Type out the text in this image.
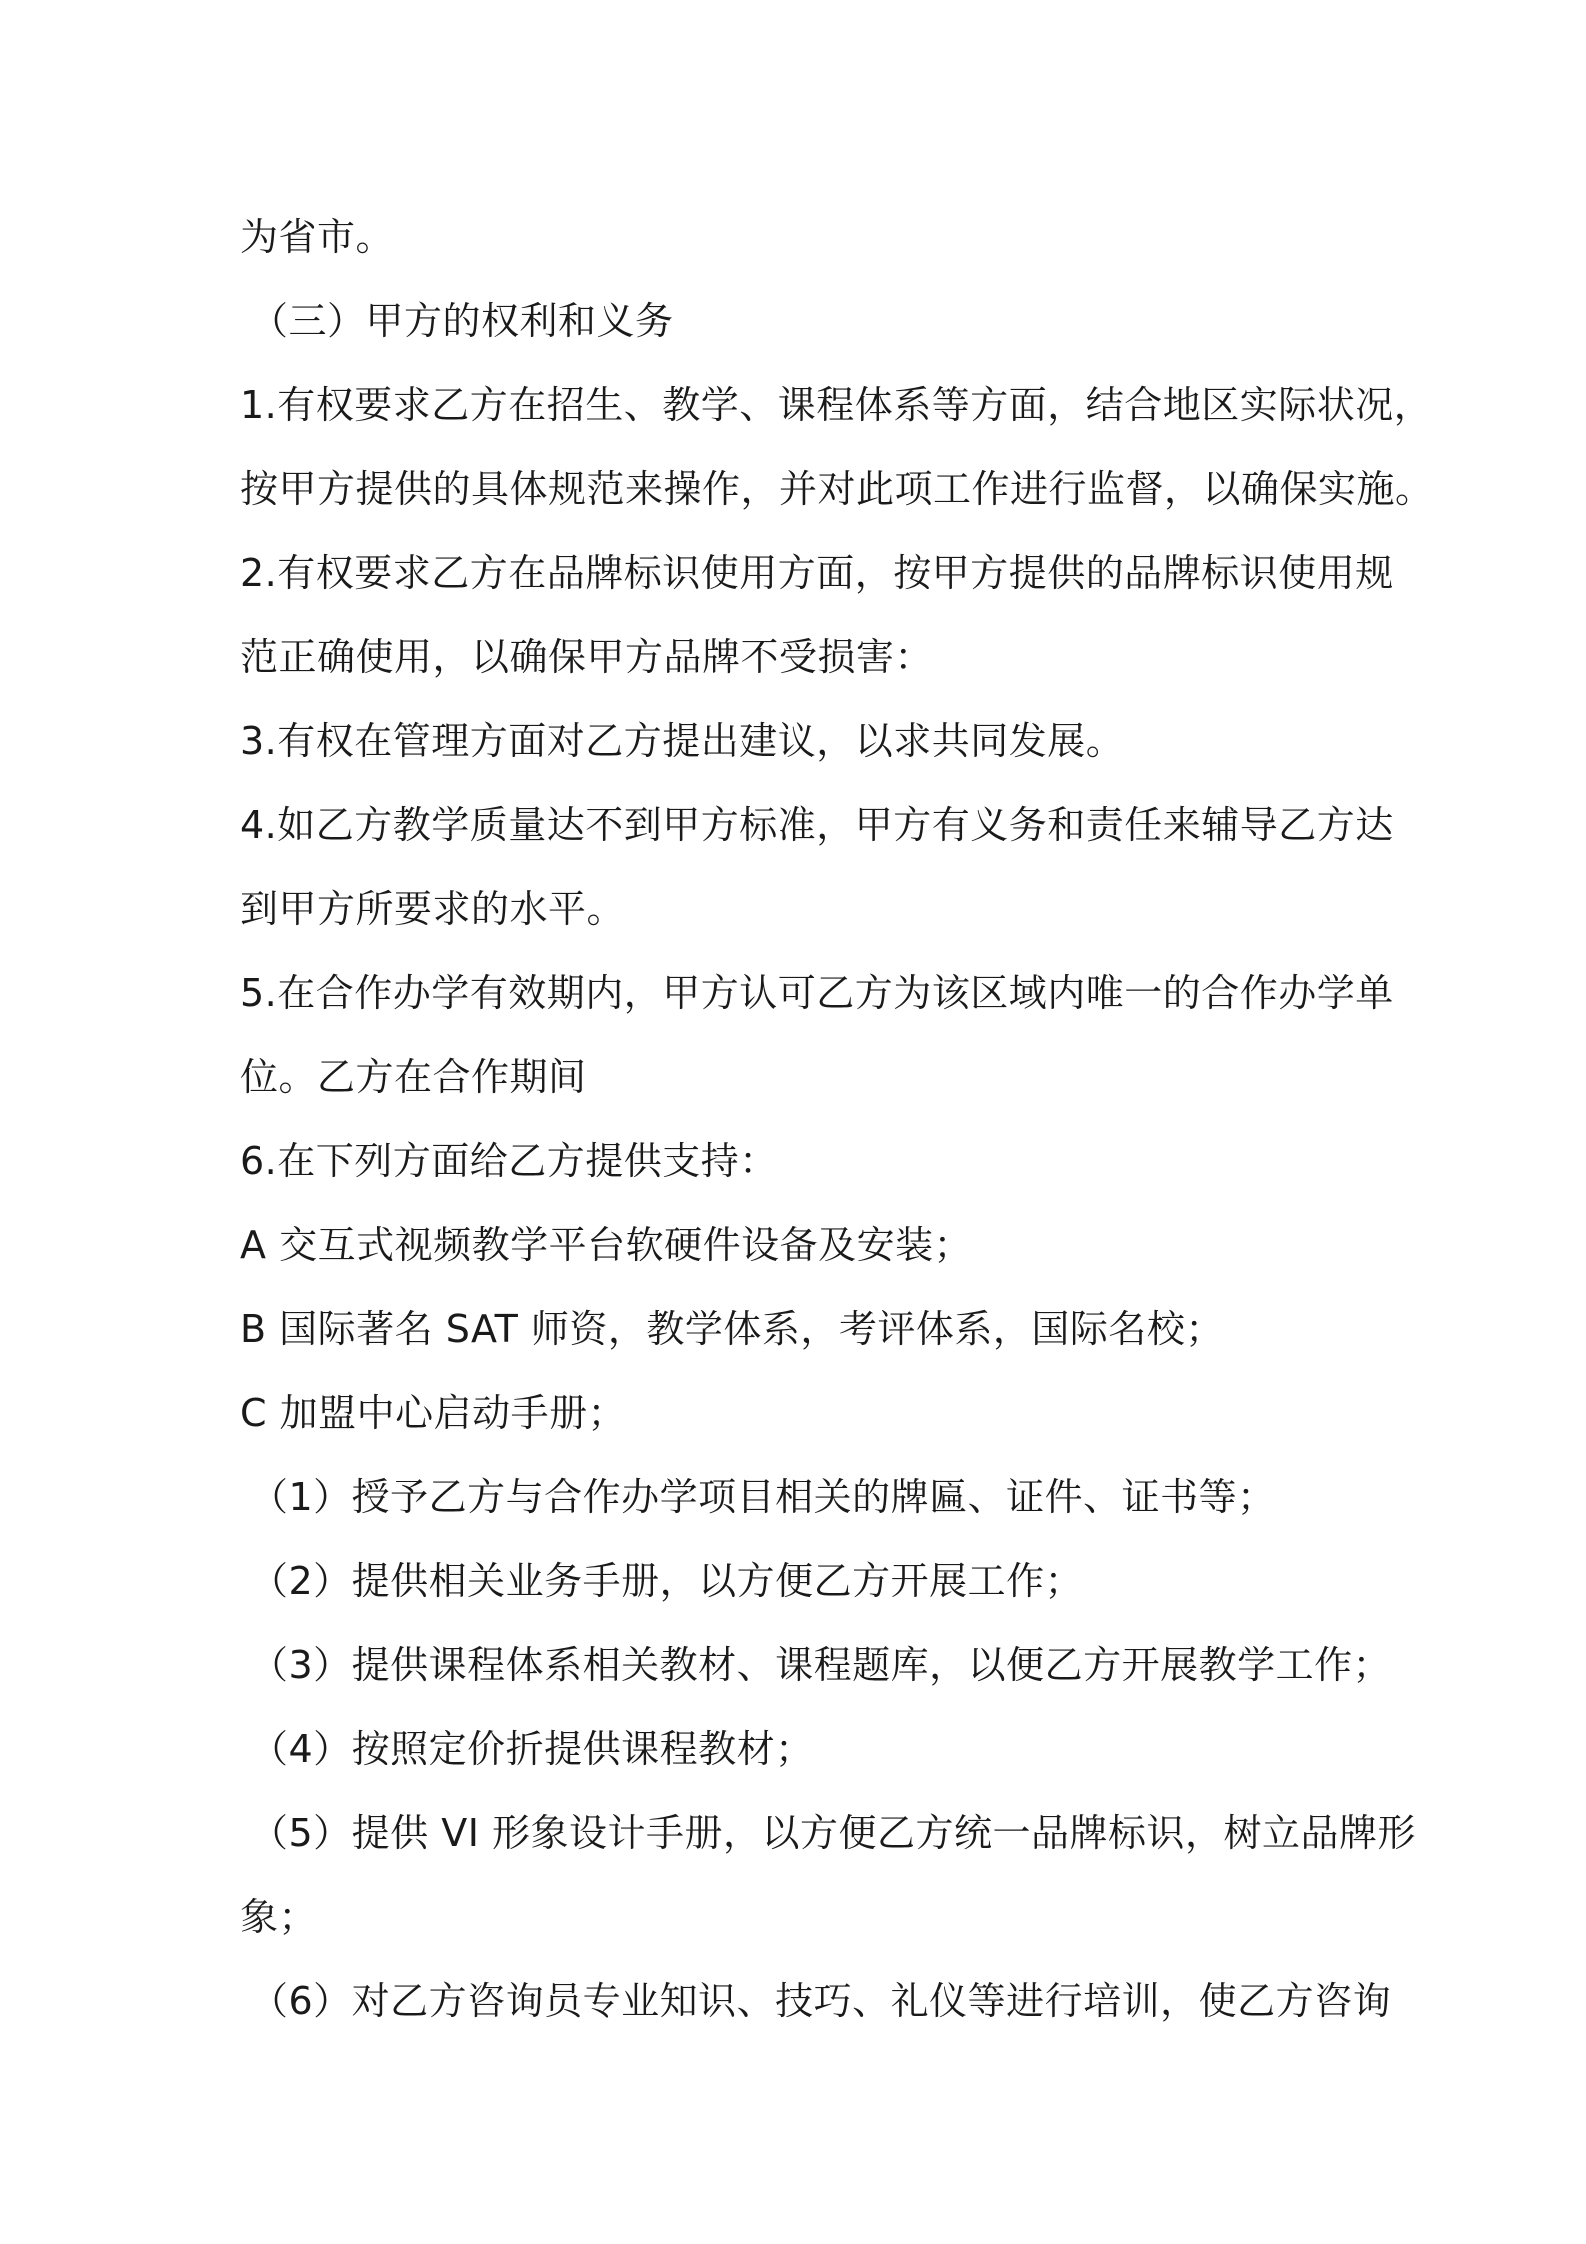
为省市。
（三）甲方的权利和义务
1.有权要求乙方在招生、教学、课程体系等方面，结合地区实际状况，
按甲方提供的具体规范来操作，并对此项工作进行监督，以确保实施。
2.有权要求乙方在品牌标识使用方面，按甲方提供的品牌标识使用规
范正确使用，以确保甲方品牌不受损害：
3.有权在管理方面对乙方提出建议，以求共同发展。
4.如乙方教学质量达不到甲方标准，甲方有义务和责任来辅导乙方达
到甲方所要求的水平。
5.在合作办学有效期内，甲方认可乙方为该区域内唯一的合作办学单
位。乙方在合作期间
6.在下列方面给乙方提供支持：
A 交互式视频教学平台软硬件设备及安装；
B 国际著名 SAT 师资，教学体系，考评体系，国际名校；
C 加盟中心启动手册；
（1）授予乙方与合作办学项目相关的牌匾、证件、证书等；
（2）提供相关业务手册，以方便乙方开展工作；
（3）提供课程体系相关教材、课程题库，以便乙方开展教学工作；
（4）按照定价折提供课程教材；
（5）提供 VI 形象设计手册，以方便乙方统一品牌标识，树立品牌形
象；
（6）对乙方咨询员专业知识、技巧、礼仪等进行培训，使乙方咨询
